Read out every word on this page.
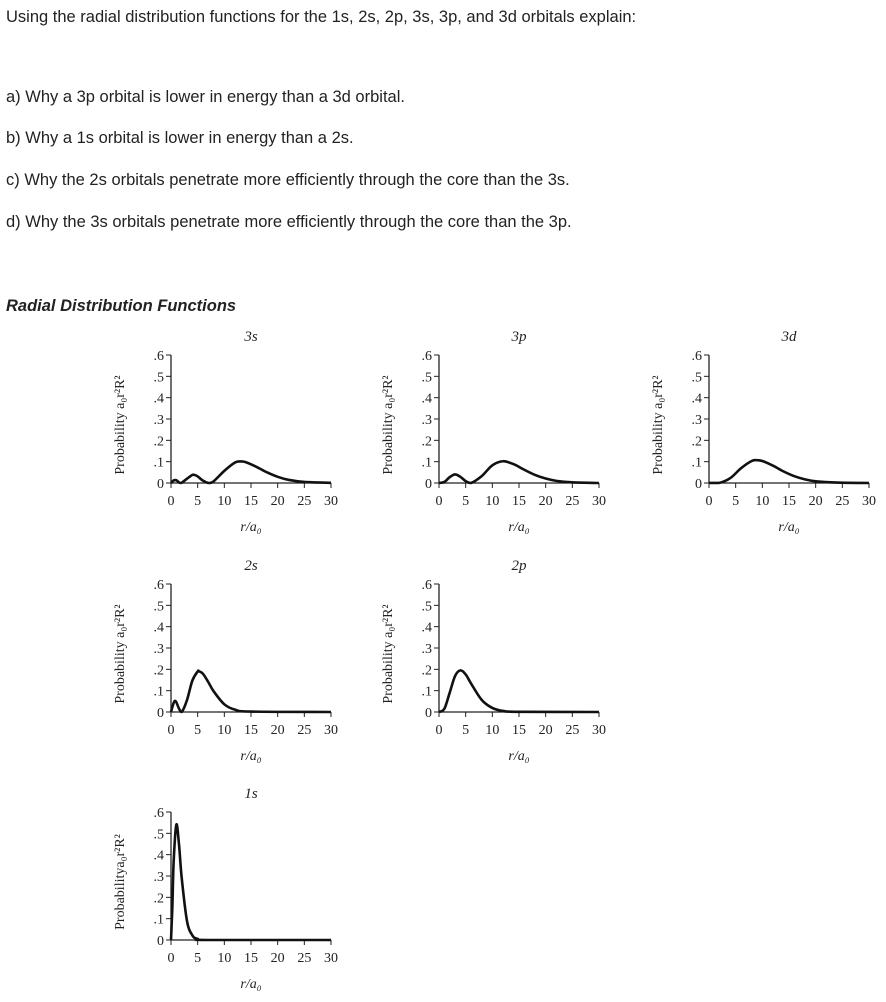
Using the radial distribution functions for the 1s, 2s, 2p, 3s, 3p, and 3d orbitals explain:
a) Why a 3p orbital is lower in energy than a 3d orbital.
b) Why a 1s orbital is lower in energy than a 2s.
c) Why the 2s orbitals penetrate more efficiently through the core than the 3s.
d) Why the 3s orbitals penetrate more efficiently through the core than the 3p.
Radial Distribution Functions
3s
0
.1
.2
.3
.4
.5
.6
0 5 10 15 20 25 30
r/a₀
Probability a₀r²R²
3p
0
.1
.2
.3
.4
.5
.6
0 5 10 15 20 25 30
r/a₀
Probability a₀r²R²
3d
0
.1
.2
.3
.4
.5
.6
0 5 10 15 20 25 30
r/a₀
Probability a₀r²R²
2s
0
.1
.2
.3
.4
.5
.6
0 5 10 15 20 25 30
r/a₀
Probability a₀r²R²
2p
0
.1
.2
.3
.4
.5
.6
0 5 10 15 20 25 30
r/a₀
Probability a₀r²R²
1s
0
.1
.2
.3
.4
.5
.6
0 5 10 15 20 25 30
r/a₀
Probabilitya₀r²R²
